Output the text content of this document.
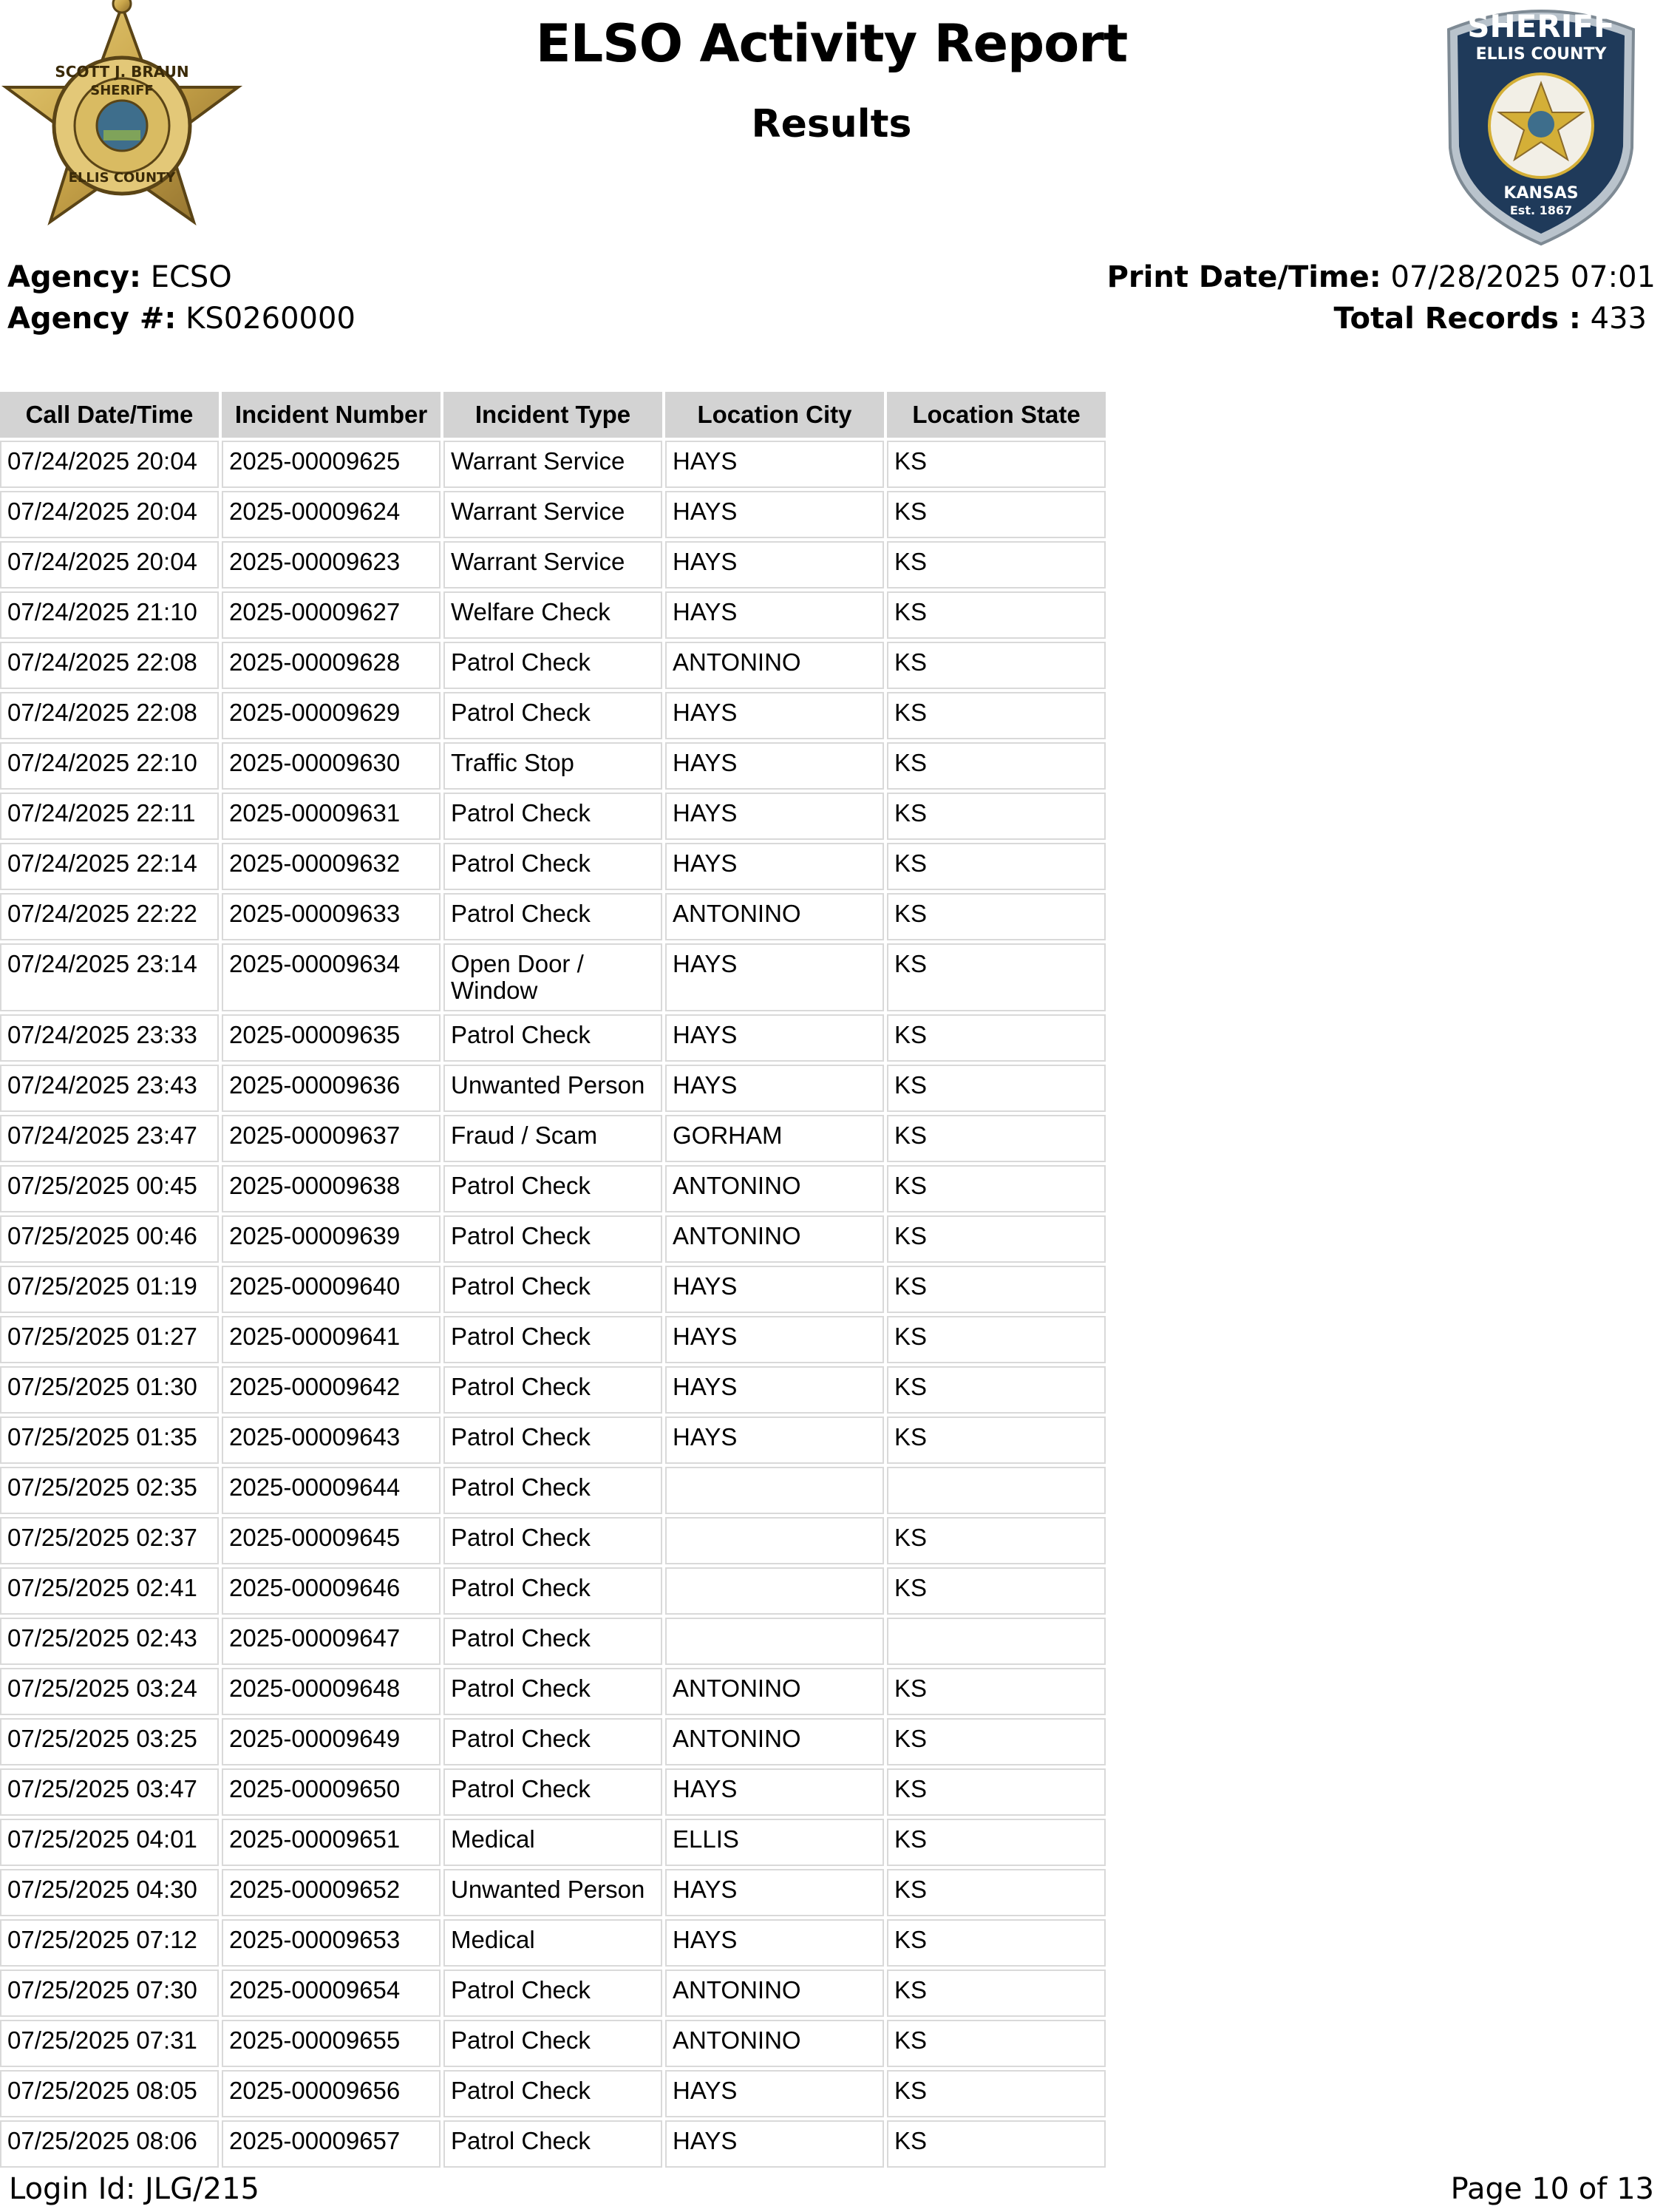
SCOTT J. BRAUN
SHERIFF
ELLIS COUNTY
SHERIFF
ELLIS COUNTY
KANSAS
Est. 1867
ELSO Activity Report
Results
Agency: ECSO
Agency #: KS0260000
Print Date/Time: 07/28/2025 07:01
Total Records : 433
Call Date/Time	Incident Number	Incident Type	Location City	Location State
07/24/2025 20:04	2025-00009625	Warrant Service	HAYS	KS
07/24/2025 20:04	2025-00009624	Warrant Service	HAYS	KS
07/24/2025 20:04	2025-00009623	Warrant Service	HAYS	KS
07/24/2025 21:10	2025-00009627	Welfare Check	HAYS	KS
07/24/2025 22:08	2025-00009628	Patrol Check	ANTONINO	KS
07/24/2025 22:08	2025-00009629	Patrol Check	HAYS	KS
07/24/2025 22:10	2025-00009630	Traffic Stop	HAYS	KS
07/24/2025 22:11	2025-00009631	Patrol Check	HAYS	KS
07/24/2025 22:14	2025-00009632	Patrol Check	HAYS	KS
07/24/2025 22:22	2025-00009633	Patrol Check	ANTONINO	KS
07/24/2025 23:14	2025-00009634	Open Door / Window	HAYS	KS
07/24/2025 23:33	2025-00009635	Patrol Check	HAYS	KS
07/24/2025 23:43	2025-00009636	Unwanted Person	HAYS	KS
07/24/2025 23:47	2025-00009637	Fraud / Scam	GORHAM	KS
07/25/2025 00:45	2025-00009638	Patrol Check	ANTONINO	KS
07/25/2025 00:46	2025-00009639	Patrol Check	ANTONINO	KS
07/25/2025 01:19	2025-00009640	Patrol Check	HAYS	KS
07/25/2025 01:27	2025-00009641	Patrol Check	HAYS	KS
07/25/2025 01:30	2025-00009642	Patrol Check	HAYS	KS
07/25/2025 01:35	2025-00009643	Patrol Check	HAYS	KS
07/25/2025 02:35	2025-00009644	Patrol Check		
07/25/2025 02:37	2025-00009645	Patrol Check		KS
07/25/2025 02:41	2025-00009646	Patrol Check		KS
07/25/2025 02:43	2025-00009647	Patrol Check		
07/25/2025 03:24	2025-00009648	Patrol Check	ANTONINO	KS
07/25/2025 03:25	2025-00009649	Patrol Check	ANTONINO	KS
07/25/2025 03:47	2025-00009650	Patrol Check	HAYS	KS
07/25/2025 04:01	2025-00009651	Medical	ELLIS	KS
07/25/2025 04:30	2025-00009652	Unwanted Person	HAYS	KS
07/25/2025 07:12	2025-00009653	Medical	HAYS	KS
07/25/2025 07:30	2025-00009654	Patrol Check	ANTONINO	KS
07/25/2025 07:31	2025-00009655	Patrol Check	ANTONINO	KS
07/25/2025 08:05	2025-00009656	Patrol Check	HAYS	KS
07/25/2025 08:06	2025-00009657	Patrol Check	HAYS	KS
Login Id: JLG/215	Page 10 of 13
